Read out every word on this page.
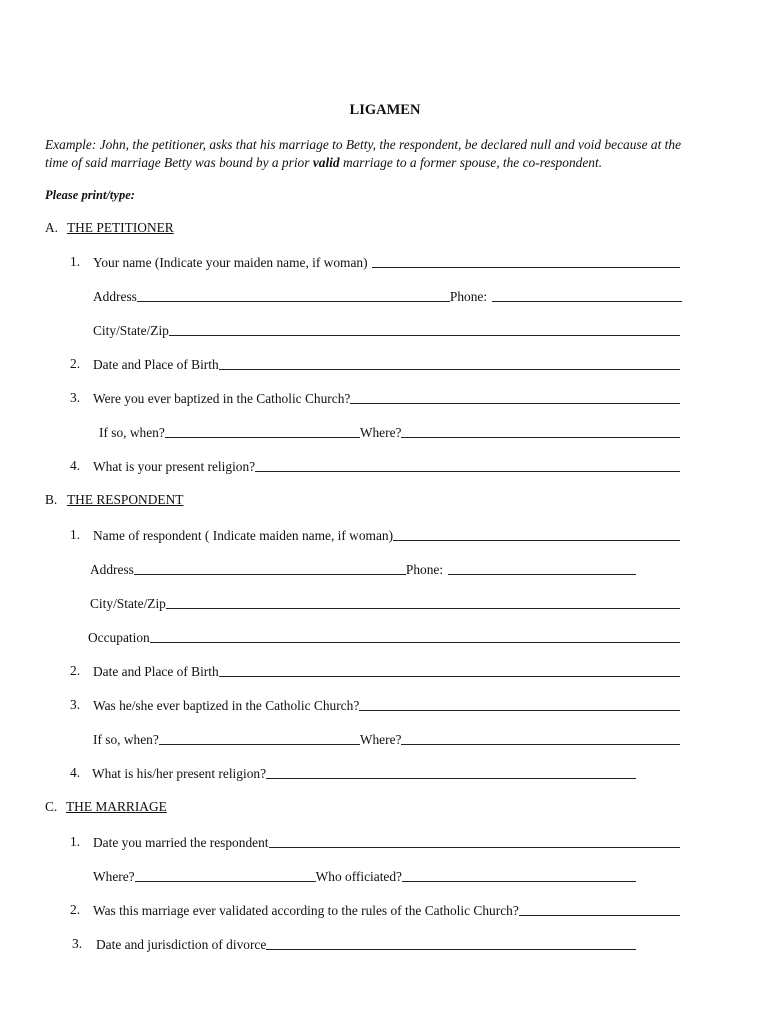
LIGAMEN
Example: John, the petitioner, asks that his marriage to Betty, the respondent, be declared null and void because at the time of said marriage Betty was bound by a prior valid marriage to a former spouse, the co-respondent.
Please print/type:
A. THE PETITIONER
1. Your name (Indicate your maiden name, if woman)
Address	Phone:
City/State/Zip
2. Date and Place of Birth
3. Were you ever baptized in the Catholic Church?
If so, when?	Where?
4. What is your present religion?
B. THE RESPONDENT
1. Name of respondent ( Indicate maiden name, if woman)
Address	Phone:
City/State/Zip
Occupation
2. Date and Place of Birth
3. Was he/she ever baptized in the Catholic Church?
If so, when?	Where?
4. What is his/her present religion?
C. THE MARRIAGE
1. Date you married the respondent
Where?	Who officiated?
2. Was this marriage ever validated according to the rules of the Catholic Church?
3.	Date and jurisdiction of divorce
